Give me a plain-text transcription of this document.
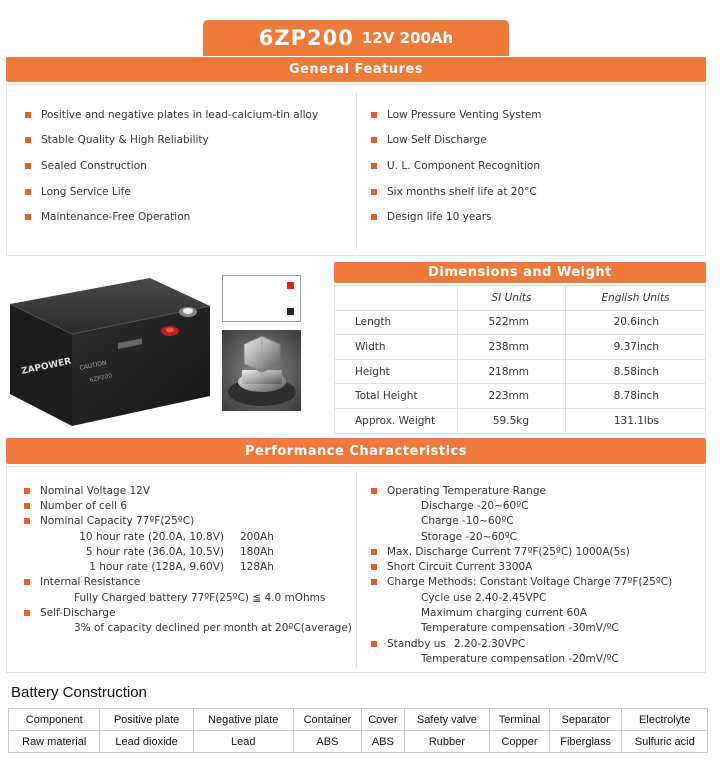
6ZP200 12V 200Ah
General Features
Positive and negative plates in lead-calcium-tin alloy
Stable Quality & High Reliability
Sealed Construction
Long Service Life
Maintenance-Free Operation
Low Pressure Venting System
Low Self Discharge
U. L. Component Recognition
Six months shelf life at 20°C
Design life 10 years
ZAPOWER CAUTION
6ZP200
Dimensions and Weight
	SI Units	English Units
Length	522mm	20.6inch
Width	238mm	9.37inch
Height	218mm	8.58inch
Total Height	223mm	8.78inch
Approx. Weight	59.5kg	131.1lbs
Performance Characteristics
Nominal Voltage 12V
Number of cell 6
Nominal Capacity 77ºF(25ºC)
10 hour rate (20.0A, 10.8V)	200Ah
5 hour rate (36.0A, 10.5V)	180Ah
1 hour rate (128A, 9.60V)	128Ah
Internal Resistance
Fully Charged battery 77ºF(25ºC) ≦ 4.0 mOhms
Self-Discharge
3% of capacity declined per month at 20ºC(average)
Operating Temperature Range
Discharge -20~60ºC
Charge -10~60ºC
Storage -20~60ºC
Max. Discharge Current 77ºF(25ºC) 1000A(5s)
Short Circuit Current 3300A
Charge Methods: Constant Voltage Charge 77ºF(25ºC)
Cycle use 2.40-2.45VPC
Maximum charging current 60A
Temperature compensation -30mV/ºC
Standby us 2.20-2.30VPC
Temperature compensation -20mV/ºC
Battery Construction
Component	Positive plate	Negative plate	Container	Cover	Safety valve	Terminal	Separator	Electrolyte
Raw material	Lead dioxide	Lead	ABS	ABS	Rubber	Copper	Fiberglass	Sulfuric acid
